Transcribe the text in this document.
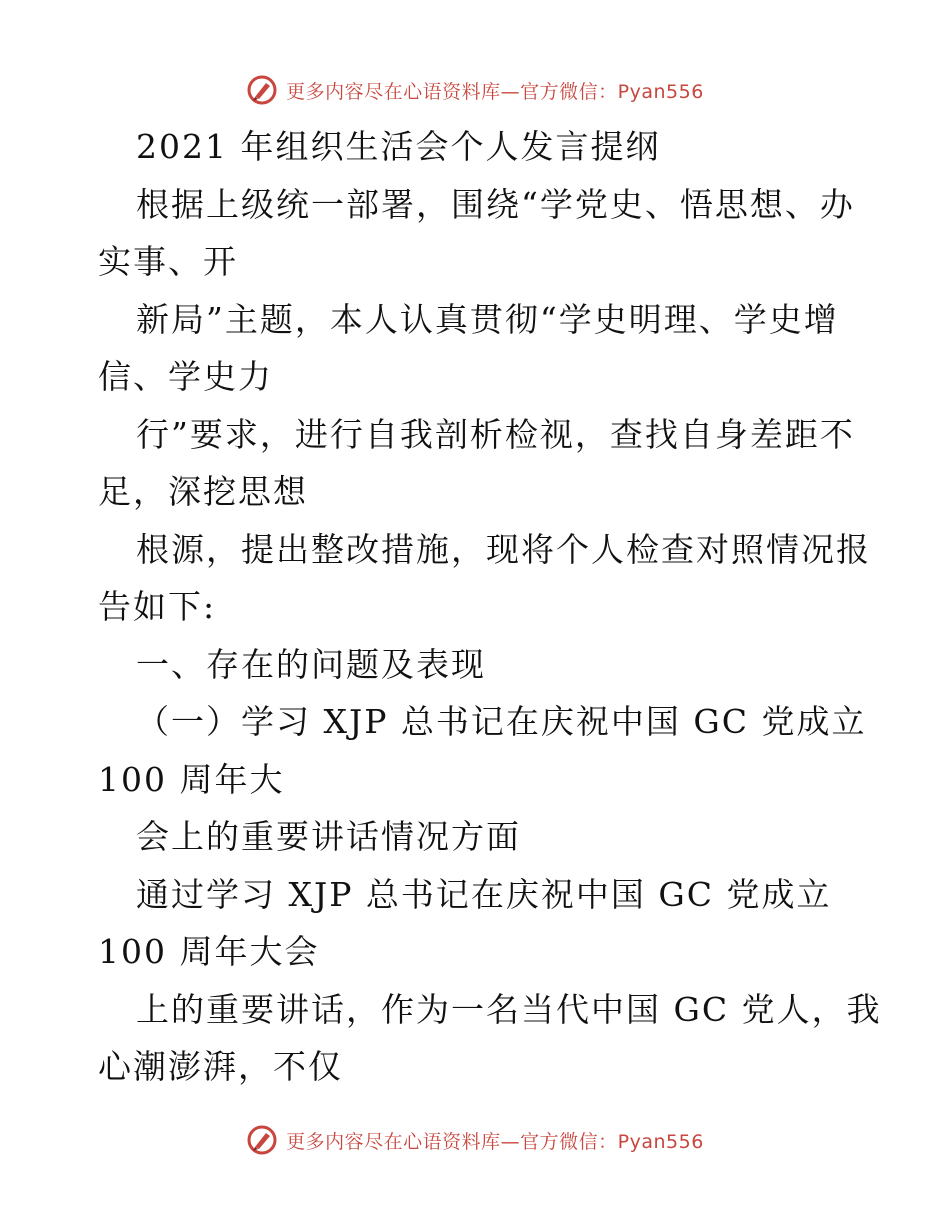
更多内容尽在心语资料库—官方微信：Pyan556
2021 年组织生活会个人发言提纲
根据上级统一部署，围绕“学党史、悟思想、办
实事、开
新局”主题，本人认真贯彻“学史明理、学史增
信、学史力
行”要求，进行自我剖析检视，查找自身差距不
足，深挖思想
根源，提出整改措施，现将个人检查对照情况报
告如下:
一、存在的问题及表现
（一）学习 XJP 总书记在庆祝中国 GC 党成立
100 周年大
会上的重要讲话情况方面
通过学习 XJP 总书记在庆祝中国 GC 党成立
100 周年大会
上的重要讲话，作为一名当代中国 GC 党人，我
心潮澎湃，不仅
更多内容尽在心语资料库—官方微信：Pyan556
